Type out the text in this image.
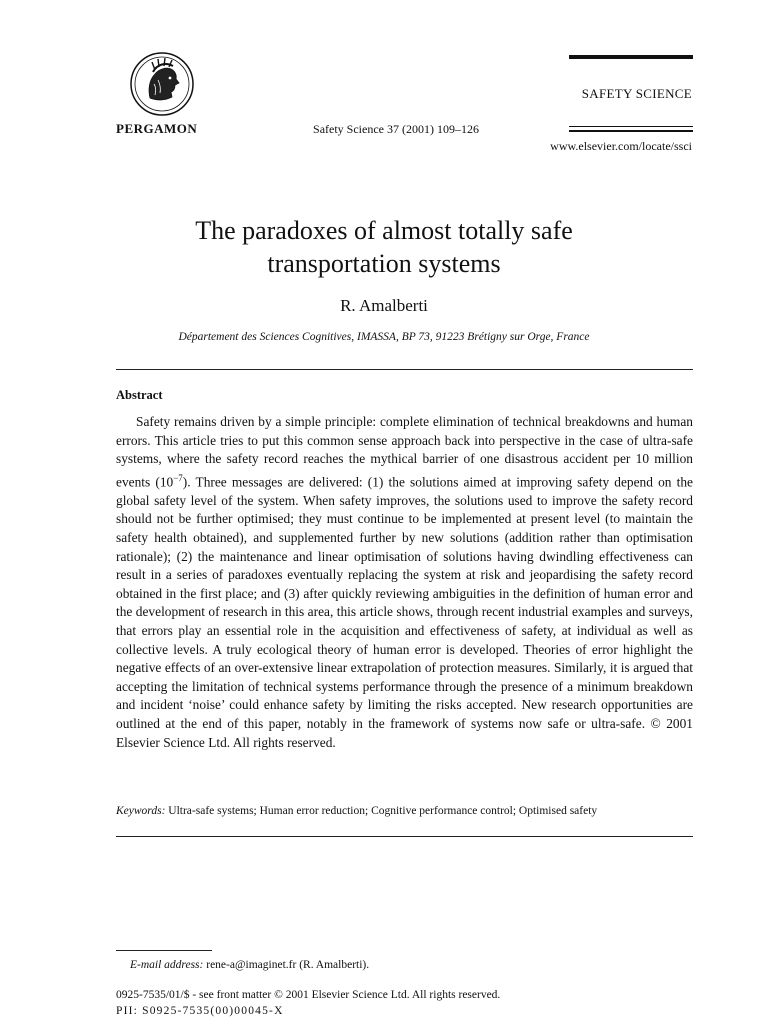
PERGAMON	Safety Science 37 (2001) 109–126
SAFETY SCIENCE
www.elsevier.com/locate/ssci
The paradoxes of almost totally safe
transportation systems
R. Amalberti
Département des Sciences Cognitives, IMASSA, BP 73, 91223 Brétigny sur Orge, France
Abstract

Safety remains driven by a simple principle: complete elimination of technical breakdowns and human errors. This article tries to put this common sense approach back into perspective in the case of ultra-safe systems, where the safety record reaches the mythical barrier of one disastrous accident per 10 million events $(10^{-7})$. Three messages are delivered: (1) the solutions aimed at improving safety depend on the global safety level of the system. When safety improves, the solutions used to improve the safety record should not be further optimised; they must continue to be implemented at present level (to maintain the safety health obtained), and supplemented further by new solutions (addition rather than optimisation rationale); (2) the maintenance and linear optimisation of solutions having dwindling effectiveness can result in a series of paradoxes eventually replacing the system at risk and jeopardising the safety record obtained in the first place; and (3) after quickly reviewing ambiguities in the definition of human error and the development of research in this area, this article shows, through recent industrial examples and surveys, that errors play an essential role in the acquisition and effectiveness of safety, at individual as well as collective levels. A truly ecological theory of human error is developed. Theories of error highlight the negative effects of an over-extensive linear extrapolation of protection measures. Similarly, it is argued that accepting the limitation of technical systems performance through the presence of a minimum breakdown and incident ‘noise’ could enhance safety by limiting the risks accepted. New research opportunities are outlined at the end of this paper, notably in the framework of systems now safe or ultra-safe. © 2001 Elsevier Science Ltd. All rights reserved.

Keywords: Ultra-safe systems; Human error reduction; Cognitive performance control; Optimised safety
E-mail address: rene-a@imaginet.fr (R. Amalberti).
0925-7535/01/$ - see front matter © 2001 Elsevier Science Ltd. All rights reserved.
PII: S0925-7535(00)00045-X
